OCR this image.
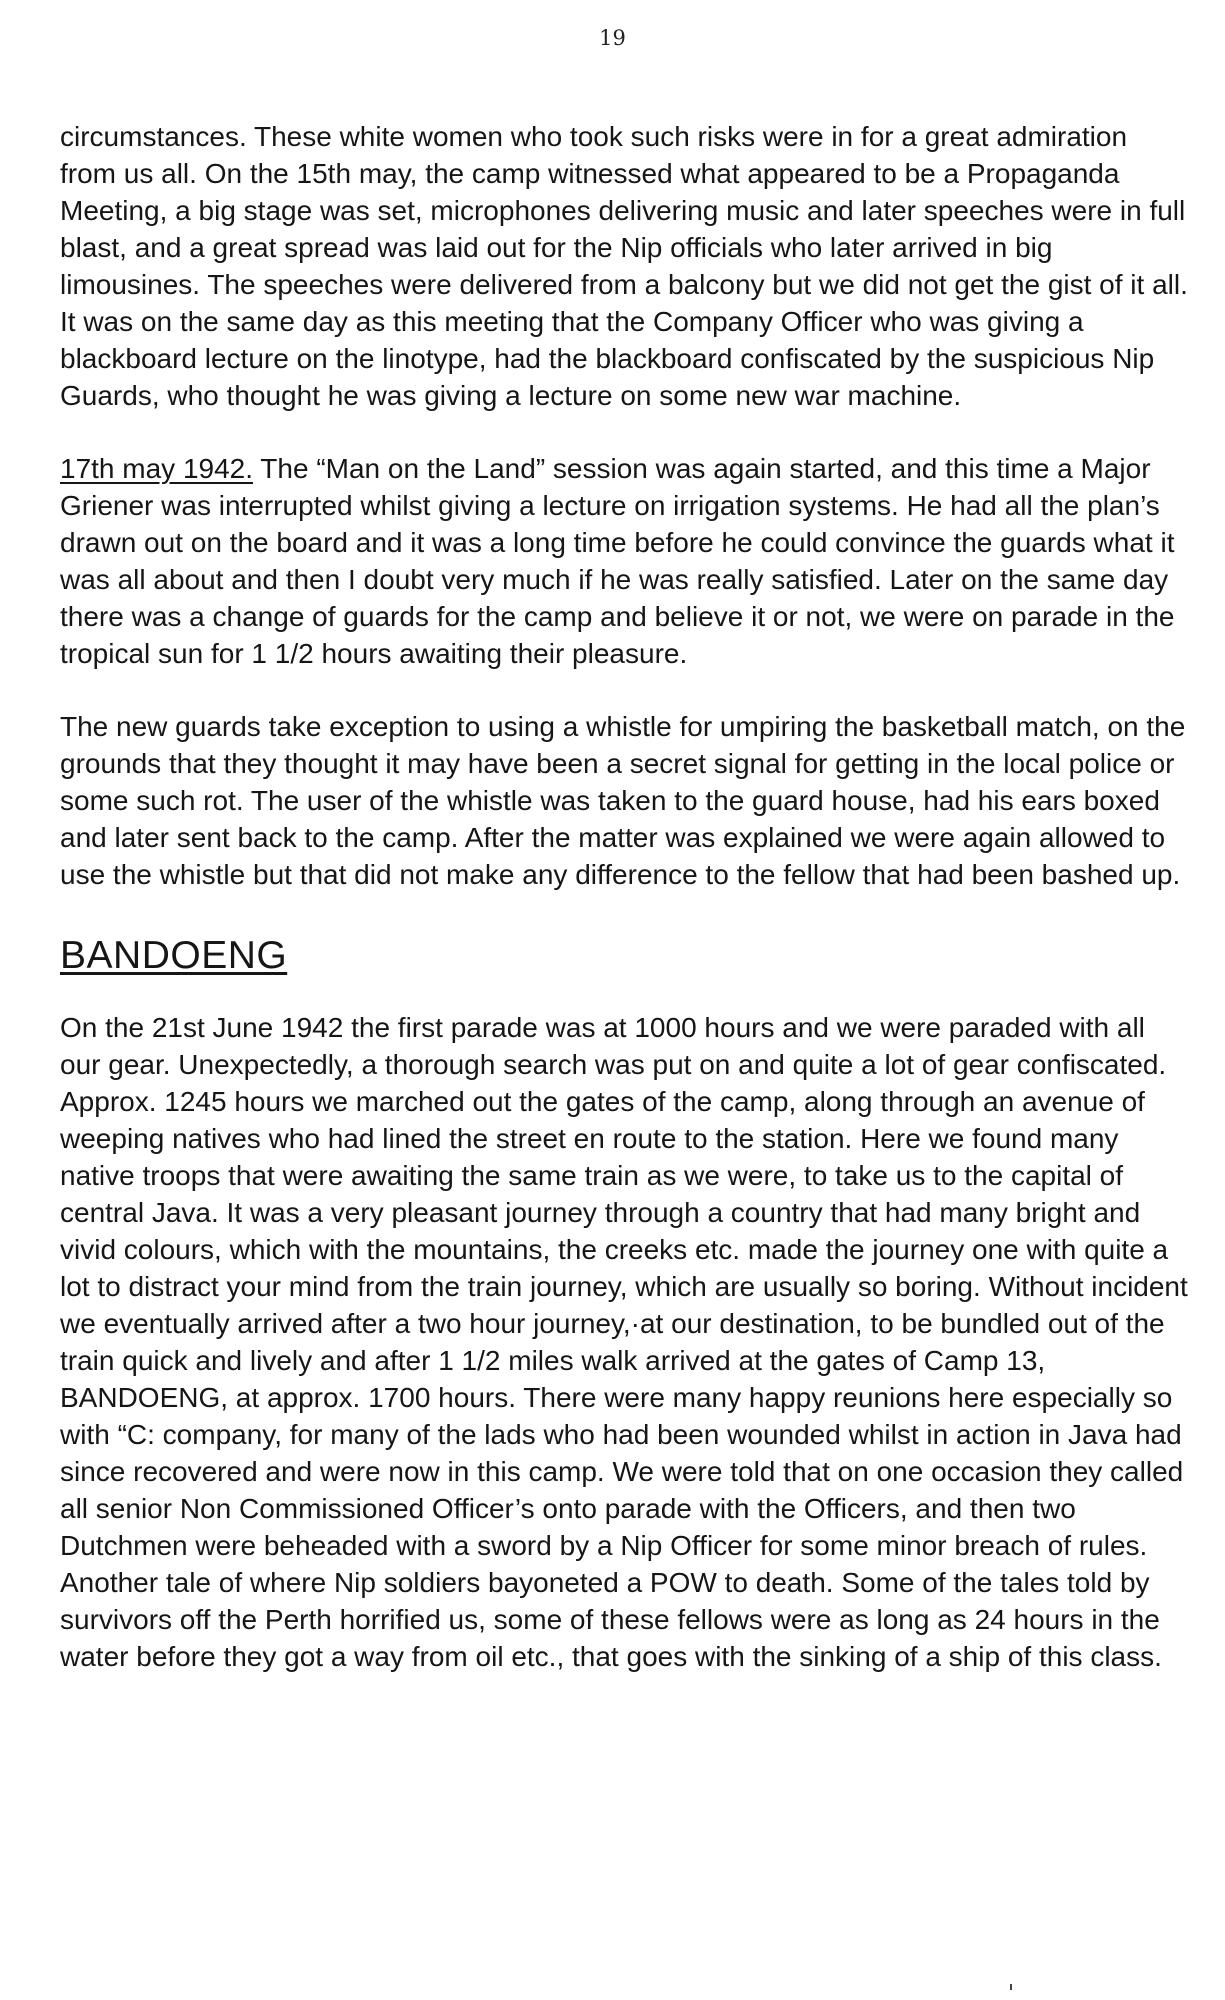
19

circumstances. These white women who took such risks were in for a great admiration from us all. On the 15th may, the camp witnessed what appeared to be a Propaganda Meeting, a big stage was set, microphones delivering music and later speeches were in full blast, and a great spread was laid out for the Nip officials who later arrived in big limousines. The speeches were delivered from a balcony but we did not get the gist of it all. It was on the same day as this meeting that the Company Officer who was giving a blackboard lecture on the linotype, had the blackboard confiscated by the suspicious Nip Guards, who thought he was giving a lecture on some new war machine.

17th may 1942. The “Man on the Land” session was again started, and this time a Major Griener was interrupted whilst giving a lecture on irrigation systems. He had all the plan’s drawn out on the board and it was a long time before he could convince the guards what it was all about and then I doubt very much if he was really satisfied. Later on the same day there was a change of guards for the camp and believe it or not, we were on parade in the tropical sun for 1 1/2 hours awaiting their pleasure.

The new guards take exception to using a whistle for umpiring the basketball match, on the grounds that they thought it may have been a secret signal for getting in the local police or some such rot. The user of the whistle was taken to the guard house, had his ears boxed and later sent back to the camp. After the matter was explained we were again allowed to use the whistle but that did not make any difference to the fellow that had been bashed up.

BANDOENG

On the 21st June 1942 the first parade was at 1000 hours and we were paraded with all our gear. Unexpectedly, a thorough search was put on and quite a lot of gear confiscated. Approx. 1245 hours we marched out the gates of the camp, along through an avenue of weeping natives who had lined the street en route to the station. Here we found many native troops that were awaiting the same train as we were, to take us to the capital of central Java. It was a very pleasant journey through a country that had many bright and vivid colours, which with the mountains, the creeks etc. made the journey one with quite a lot to distract your mind from the train journey, which are usually so boring. Without incident we eventually arrived after a two hour journey,·at our destination, to be bundled out of the train quick and lively and after 1 1/2 miles walk arrived at the gates of Camp 13, BANDOENG, at approx. 1700 hours. There were many happy reunions here especially so with “C: company, for many of the lads who had been wounded whilst in action in Java had since recovered and were now in this camp. We were told that on one occasion they called all senior Non Commissioned Officer’s onto parade with the Officers, and then two Dutchmen were beheaded with a sword by a Nip Officer for some minor breach of rules. Another tale of where Nip soldiers bayoneted a POW to death. Some of the tales told by survivors off the Perth horrified us, some of these fellows were as long as 24 hours in the water before they got a way from oil etc., that goes with the sinking of a ship of this class.
